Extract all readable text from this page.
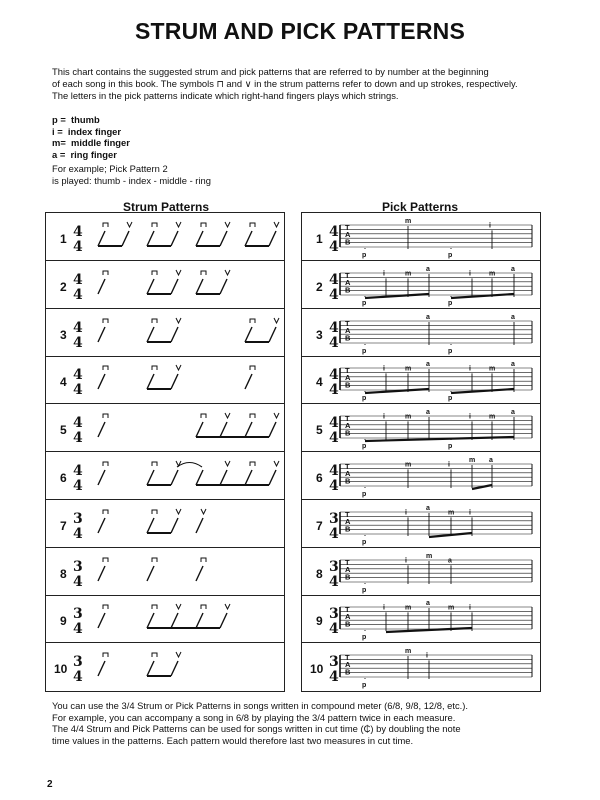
STRUM AND PICK PATTERNS
This chart contains the suggested strum and pick patterns that are referred to by number at the beginning
of each song in this book. The symbols ⊓ and ∨ in the strum patterns refer to down and up strokes, respectively.
The letters in the pick patterns indicate which right-hand fingers plays which strings.
p =  thumb
i =  index finger
m=  middle finger
a =  ring finger
For example; Pick Pattern 2
is played: thumb - index - middle - ring
Strum Patterns	Pick Patterns
1 4
4
2 4
4
3 4
4
4 4
4
5 4
4
6 4
4
7 3
4
8 3
4
9 3
4
10 3
4
1 4
4
T
A
B
p
m
p
i
2 4
4
T
A
B
p
i	m
a
p
i	m
a
3 4
4
T
A
B
p
a
p
a
4 4
4
T
A
B
p
i	m
a
p
i	m
a
5 4
4
T
A
B
p
i	m
a
p
i	m
a
6 4
4
T
A
B
p
m	i
m a
7 3
4
T
A
B
p
i
a
m i
8 3
4
T
A
B
p
i
m
a
9 3
4
T
A
B
p
i	m
a
m i
10 3
4
T
A
B
p
m
i
You can use the 3/4 Strum or Pick Patterns in songs written in compound meter (6/8, 9/8, 12/8, etc.).
For example, you can accompany a song in 6/8 by playing the 3/4 pattern twice in each measure.
The 4/4 Strum and Pick Patterns can be used for songs written in cut time (₵) by doubling the note
time values in the patterns. Each pattern would therefore last two measures in cut time.
2
